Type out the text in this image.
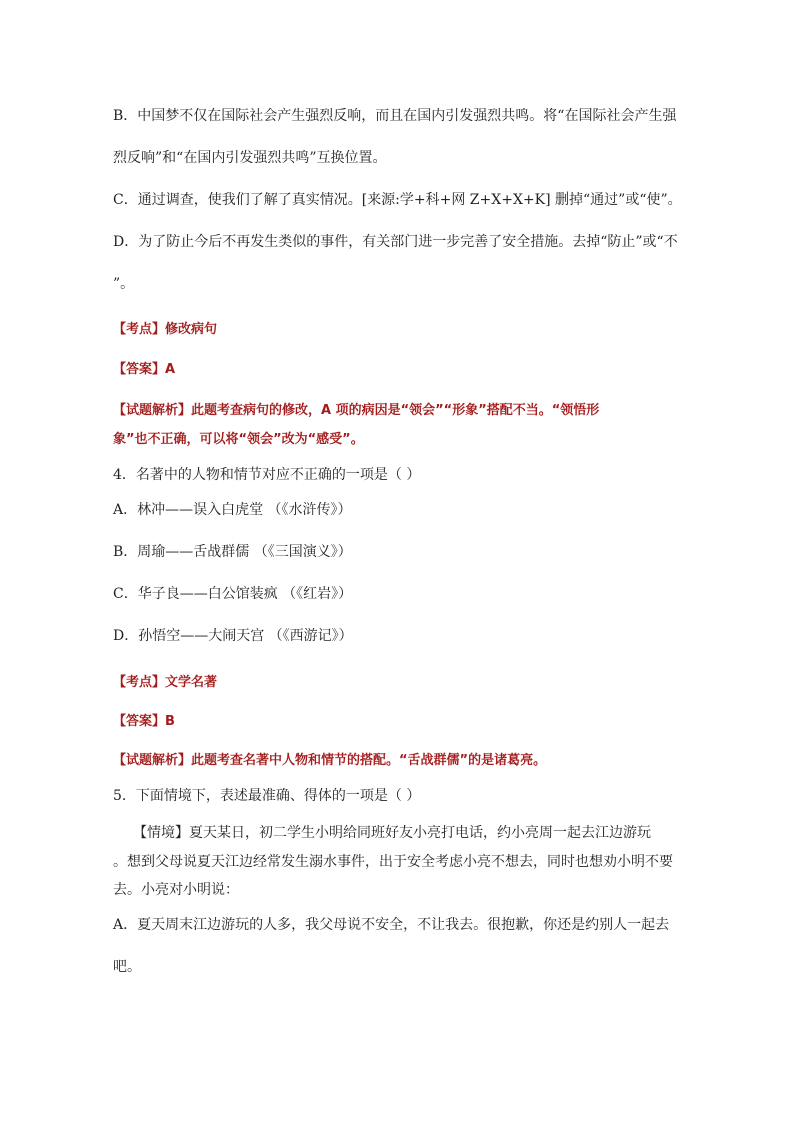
B．中国梦不仅在国际社会产生强烈反响，而且在国内引发强烈共鸣。将“在国际社会产生强
烈反响”和“在国内引发强烈共鸣”互换位置。
C．通过调查，使我们了解了真实情况。[来源:学+科+网 Z+X+X+K] 删掉“通过”或“使”。
D．为了防止今后不再发生类似的事件，有关部门进一步完善了安全措施。去掉“防止”或“不
”。
【考点】修改病句
【答案】A
【试题解析】此题考查病句的修改，A 项的病因是“领会”“形象”搭配不当。“领悟形
象”也不正确，可以将“领会”改为“感受”。
4．名著中的人物和情节对应不正确的一项是（ ）
A．林冲——误入白虎堂 （《水浒传》）
B．周瑜——舌战群儒 （《三国演义》）
C．华子良——白公馆装疯 （《红岩》）
D．孙悟空——大闹天宫 （《西游记》）
【考点】文学名著
【答案】B
【试题解析】此题考查名著中人物和情节的搭配。“舌战群儒”的是诸葛亮。
5．下面情境下，表述最准确、得体的一项是（ ）
【情境】夏天某日，初二学生小明给同班好友小亮打电话，约小亮周一起去江边游玩
。想到父母说夏天江边经常发生溺水事件，出于安全考虑小亮不想去，同时也想劝小明不要
去。小亮对小明说：
A．夏天周末江边游玩的人多，我父母说不安全，不让我去。很抱歉，你还是约别人一起去
吧。
